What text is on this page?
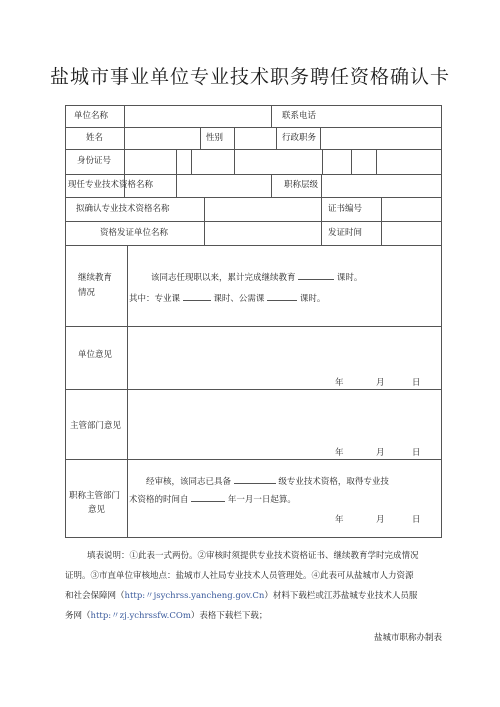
盐城市事业单位专业技术职务聘任资格确认卡
单位名称	联系电话
姓名	性别	行政职务
身份证号
现任专业技术资格名称	职称层级
拟确认专业技术资格名称	证书编号
资格发证单位名称	发证时间
继续教育
情况
该同志任现职以来，累计完成继续教育	课时。
其中：专业课	课时、公需课	课时。
单位意见
年	月	日
主管部门意见
年	月	日
职称主管部门
意见
经审核，该同志已具备	级专业技术资格，取得专业技
术资格的时间自	年一月一日起算。
年	月	日
填表说明：①此表一式两份。②审核时须提供专业技术资格证书、继续教育学时完成情况
证明。③市直单位审核地点：盐城市人社局专业技术人员管理处。④此表可从盐城市人力资源
和社会保障网（http:〃jsychrss.yancheng.gov.Cn）材料下载栏或江苏盐城专业技术人员服
务网（http:〃zj.ychrssfw.COm）表格下载栏下载；
盐城市职称办制表
